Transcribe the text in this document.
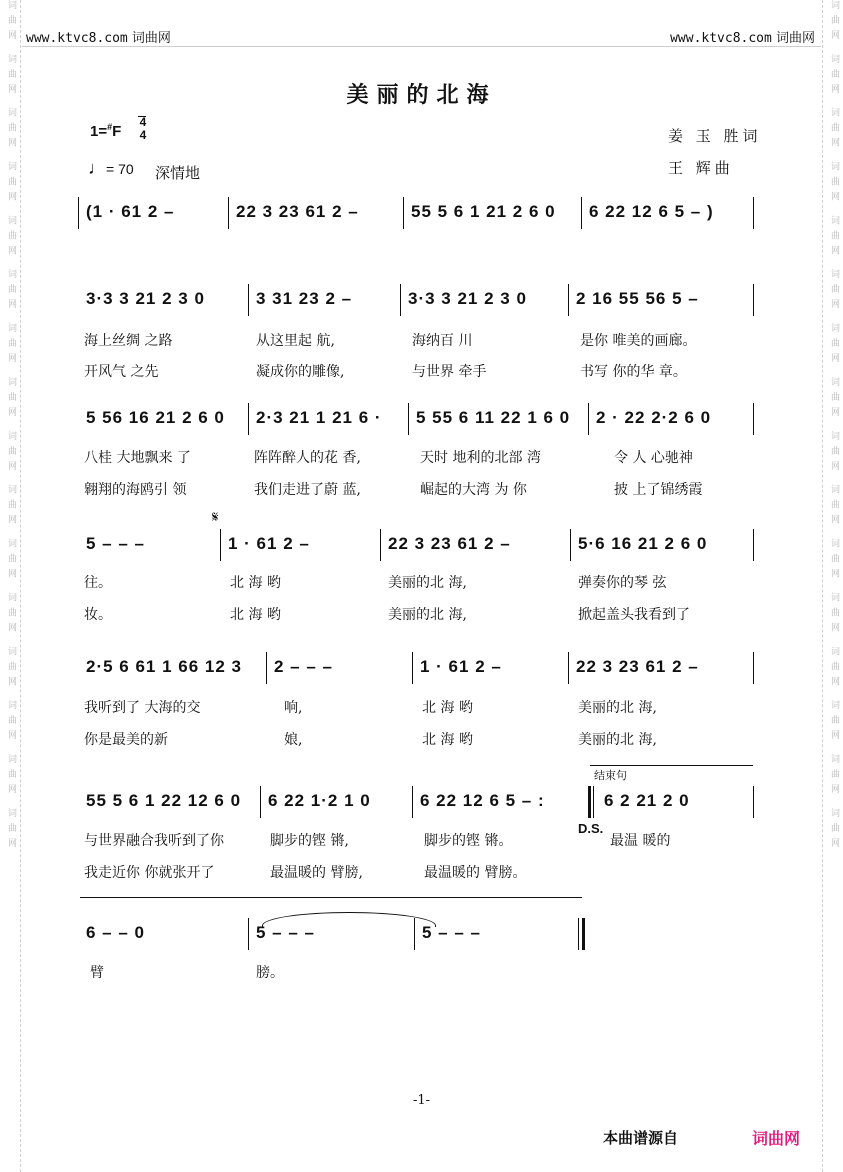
词曲网 词曲网 词曲网 词曲网 词曲网 词曲网 词曲网 词曲网 词曲网 词曲网 词曲网 词曲网 词曲网 词曲网 词曲网 词曲网	词曲网 词曲网 词曲网 词曲网 词曲网 词曲网 词曲网 词曲网 词曲网 词曲网 词曲网 词曲网 词曲网 词曲网 词曲网 词曲网
www.ktvc8.com 词曲网	www.ktvc8.com 词曲网
美丽的北海
1=#F
4
4
♩= 70 深情地
姜 玉 胜词
王 辉曲
(1 · 61 2 –	22 3 23 61 2 –	55 5 6 1 21 2 6 0	6 22 12 6 5 – )
3·3 3 21 2 3 0	3 31 23 2 –	3·3 3 21 2 3 0	2 16 55 56 5 –
海上丝绸 之路	从这里起 航,	海纳百 川	是你 唯美的画廊。
开风气 之先	凝成你的雕像,	与世界 牵手	书写 你的华 章。
5 56 16 21 2 6 0	2·3 21 1 21 6 ·	5 55 6 11 22 1 6 0	2 · 22 2·2 6 0
八桂 大地飘来 了	阵阵醉人的花 香,	天时 地利的北部 湾	令 人 心驰神
翱翔的海鸥引 领	我们走进了蔚 蓝,	崛起的大湾 为 你	披 上了锦绣霞
𝄋
5 – – –	1 · 61 2 –	22 3 23 61 2 –	5·6 16 21 2 6 0
往。	北 海 哟	美丽的北 海,	弹奏你的琴 弦
妆。	北 海 哟	美丽的北 海,	掀起盖头我看到了
2·5 6 61 1 66 12 3	2 – – –	1 · 61 2 –	22 3 23 61 2 –
我听到了 大海的交	响,	北 海 哟	美丽的北 海,
你是最美的新	娘,	北 海 哟	美丽的北 海,
结束句
55 5 6 1 22 12 6 0	6 22 1·2 1 0	6 22 12 6 5 – :	6 2 21 2 0
D.S.
与世界融合我听到了你	脚步的铿 锵,	脚步的铿 锵。	最温 暖的
我走近你 你就张开了	最温暖的 臂膀,	最温暖的 臂膀。
6 – – 0	5 – – –	5 – – –
臂	膀。
-1-
本曲谱源自	词曲网
